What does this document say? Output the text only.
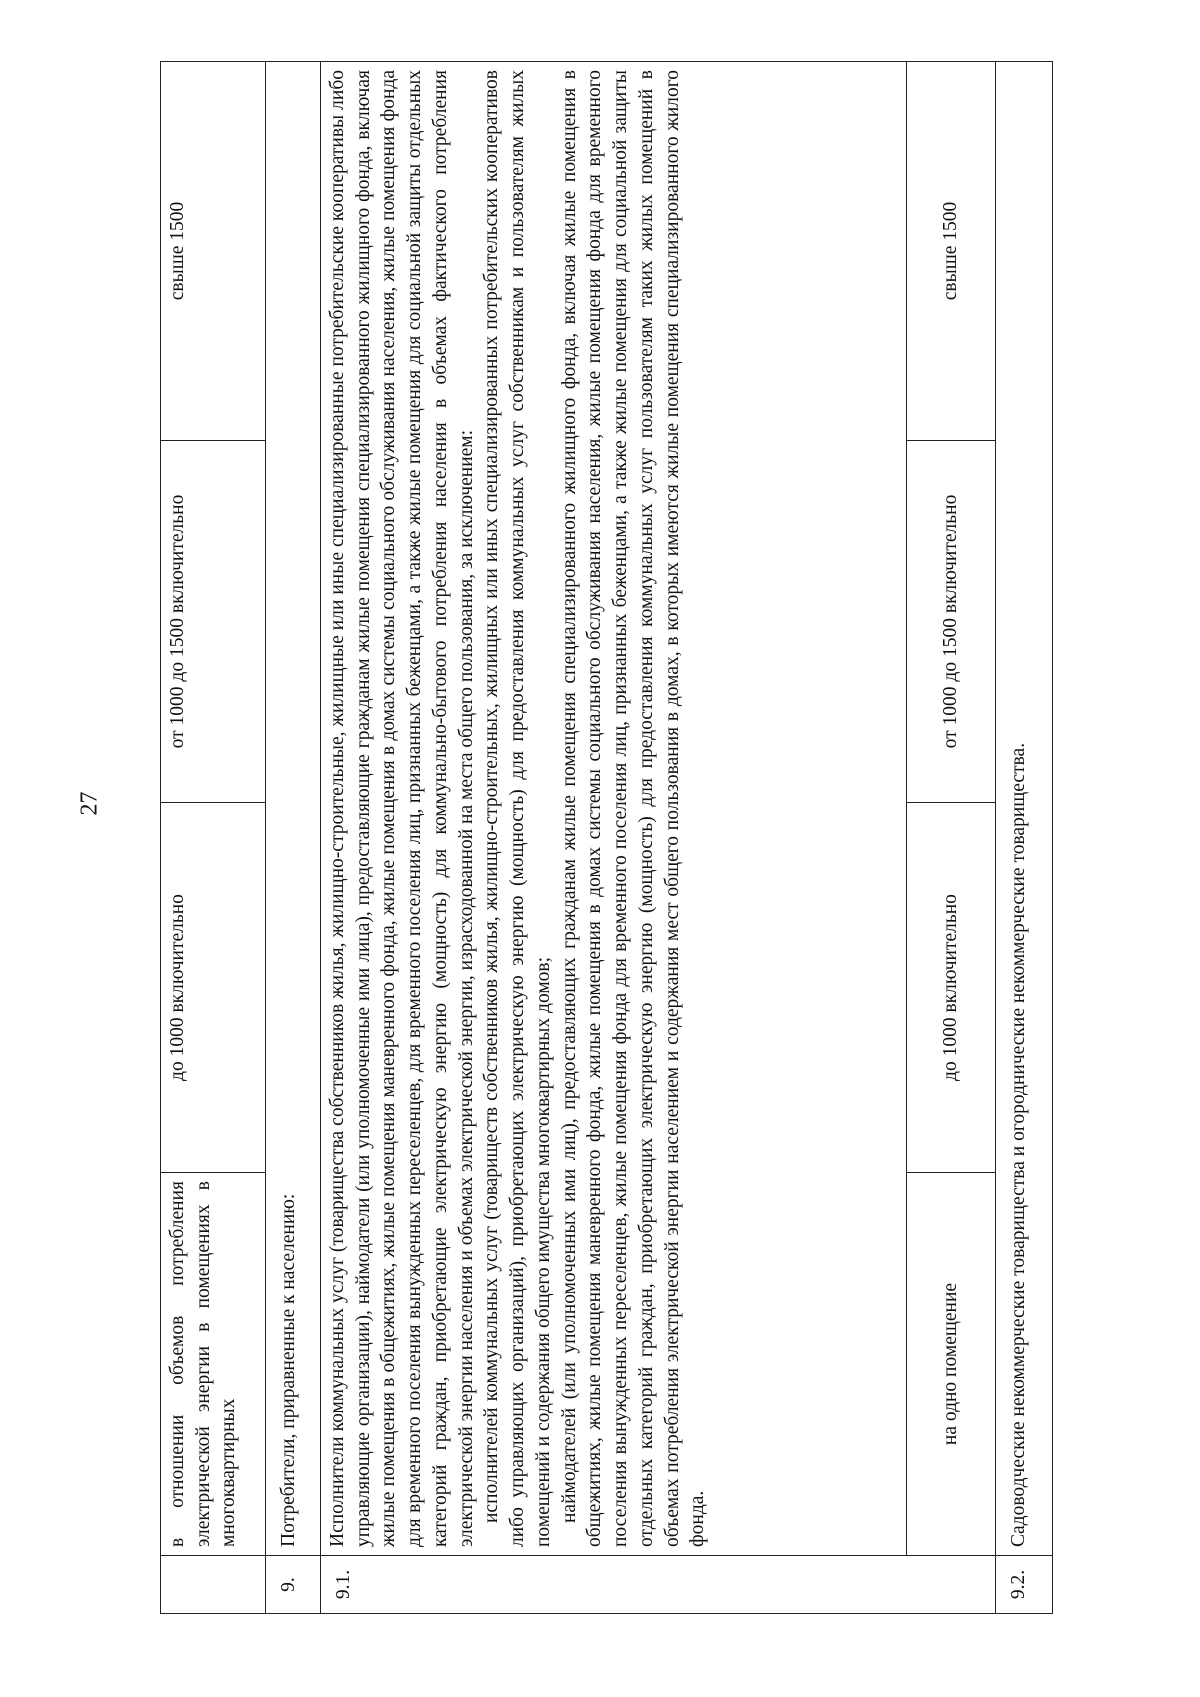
27
	в отношении объемов потребления электрической энергии в помещениях в многоквартирных	до 1000 включительно	от 1000 до 1500 включительно	свыше 1500
9.	Потребители, приравненные к населению:			
9.1.	Исполнители коммунальных услуг (товарищества собственников жилья, жилищно-строительные, жилищные или иные специализированные потребительские кооперативы либо управляющие организации), наймодатели (или уполномоченные ими лица), предоставляющие гражданам жилые помещения специализированного жилищного фонда, включая жилые помещения в общежитиях, жилые помещения маневренного фонда, жилые помещения в домах системы социального обслуживания населения, жилые помещения фонда для временного поселения вынужденных переселенцев, для временного поселения лиц, признанных беженцами, а также жилые помещения для социальной защиты отдельных категорий граждан, приобретающие электрическую энергию (мощность) для коммунально-бытового потребления населения в объемах фактического потребления электрической энергии населения и объемах электрической энергии, израсходованной на места общего пользования, за исключением: исполнителей коммунальных услуг (товариществ собственников жилья, жилищно-строительных, жилищных или иных специализированных потребительских кооперативов либо управляющих организаций), приобретающих электрическую энергию (мощность) для предоставления коммунальных услуг собственникам и пользователям жилых помещений и содержания общего имущества многоквартирных домов; наймодателей (или уполномоченных ими лиц), предоставляющих гражданам жилые помещения специализированного жилищного фонда, включая жилые помещения в общежитиях, жилые помещения маневренного фонда, жилые помещения в домах системы социального обслуживания населения, жилые помещения фонда для временного поселения вынужденных переселенцев, жилые помещения фонда для временного поселения лиц, признанных беженцами, а также жилые помещения для социальной защиты отдельных категорий граждан, приобретающих электрическую энергию (мощность) для предоставления коммунальных услуг пользователям таких жилых помещений в объемах потребления электрической энергии населением и содержания мест общего пользования в домах, в которых имеются жилые помещения специализированного жилого фонда.			

	на одно помещение	до 1000 включительно	от 1000 до 1500 включительно	свыше 1500
9.2.	Садоводческие некоммерческие товарищества и огороднические некоммерческие товарищества.			
